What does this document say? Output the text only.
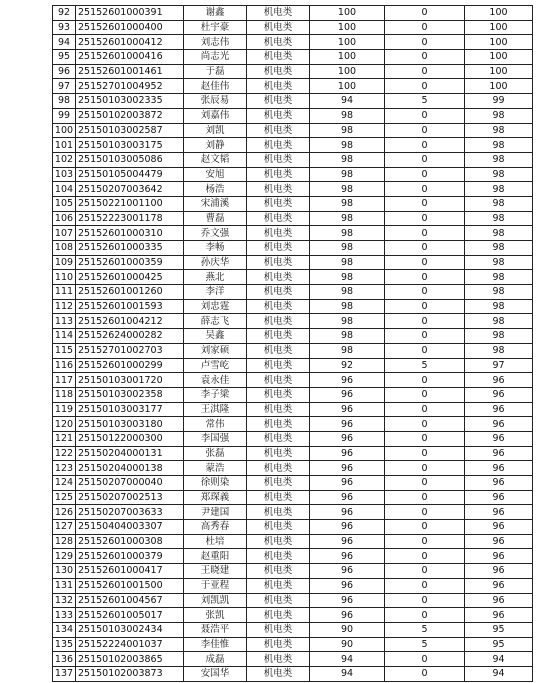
92	25152601000391	谢鑫	机电类	100	0	100
93	25152601000400	杜宇豪	机电类	100	0	100
94	25152601000412	刘志伟	机电类	100	0	100
95	25152601000416	尚志光	机电类	100	0	100
96	25152601001461	于磊	机电类	100	0	100
97	25152701004952	赵佳伟	机电类	100	0	100
98	25150103002335	张辰易	机电类	94	5	99
99	25150102003872	刘嘉伟	机电类	98	0	98
100	25150103002587	刘凯	机电类	98	0	98
101	25150103003175	刘静	机电类	98	0	98
102	25150103005086	赵文韬	机电类	98	0	98
103	25150105004479	安旭	机电类	98	0	98
104	25150207003642	杨浩	机电类	98	0	98
105	25150221001100	宋浦溪	机电类	98	0	98
106	25152223001178	曹磊	机电类	98	0	98
107	25152601000310	乔文强	机电类	98	0	98
108	25152601000335	李畅	机电类	98	0	98
109	25152601000359	孙庆华	机电类	98	0	98
110	25152601000425	燕北	机电类	98	0	98
111	25152601001260	李洋	机电类	98	0	98
112	25152601001593	刘忠霆	机电类	98	0	98
113	25152601004212	薛志飞	机电类	98	0	98
114	25152624000282	吴鑫	机电类	98	0	98
115	25152701002703	刘家硕	机电类	98	0	98
116	25152601000299	卢雪屹	机电类	92	5	97
117	25150103001720	袁永佳	机电类	96	0	96
118	25150103002358	李子梁	机电类	96	0	96
119	25150103003177	王淇隆	机电类	96	0	96
120	25150103003180	常伟	机电类	96	0	96
121	25150122000300	李国强	机电类	96	0	96
122	25150204000131	张磊	机电类	96	0	96
123	25150204000138	蒙浩	机电类	96	0	96
124	25150207000040	徐则染	机电类	96	0	96
125	25150207002513	郑琛義	机电类	96	0	96
126	25150207003633	尹建国	机电类	96	0	96
127	25150404003307	高秀春	机电类	96	0	96
128	25152601000308	杜培	机电类	96	0	96
129	25152601000379	赵重阳	机电类	96	0	96
130	25152601000417	王晓建	机电类	96	0	96
131	25152601001500	于亚程	机电类	96	0	96
132	25152601004567	刘凯凯	机电类	96	0	96
133	25152601005017	张凯	机电类	96	0	96
134	25150103002434	聂浩平	机电类	90	5	95
135	25152224001037	李佳惟	机电类	90	5	95
136	25150102003865	成磊	机电类	94	0	94
137	25150102003873	安国华	机电类	94	0	94
